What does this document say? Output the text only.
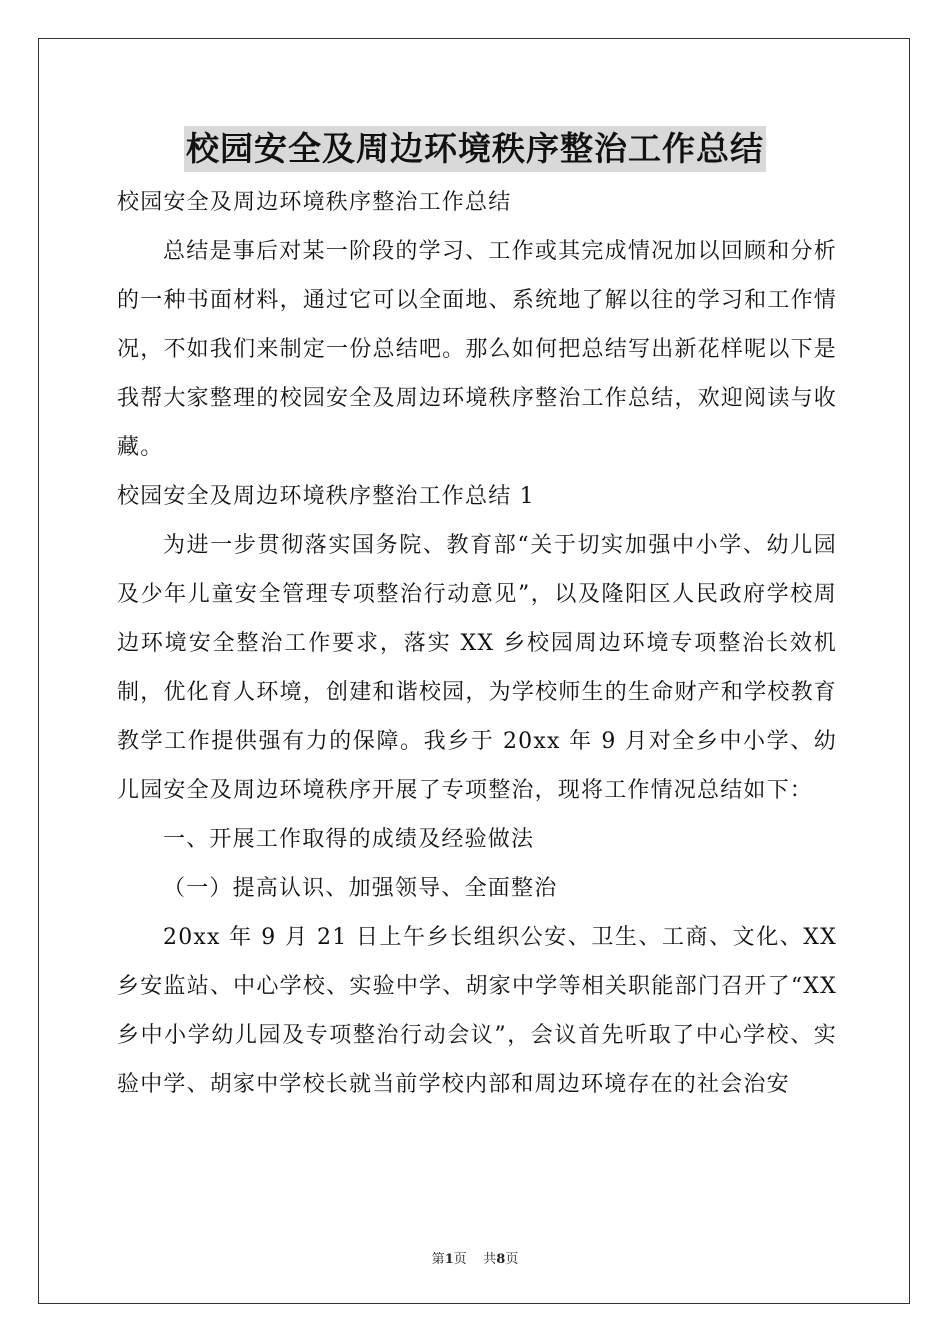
校园安全及周边环境秩序整治工作总结

校园安全及周边环境秩序整治工作总结

总结是事后对某一阶段的学习、工作或其完成情况加以回顾和分析的一种书面材料，通过它可以全面地、系统地了解以往的学习和工作情况，不如我们来制定一份总结吧。那么如何把总结写出新花样呢以下是我帮大家整理的校园安全及周边环境秩序整治工作总结，欢迎阅读与收藏。

校园安全及周边环境秩序整治工作总结 1

为进一步贯彻落实国务院、教育部“关于切实加强中小学、幼儿园及少年儿童安全管理专项整治行动意见”，以及隆阳区人民政府学校周边环境安全整治工作要求，落实 XX 乡校园周边环境专项整治长效机制，优化育人环境，创建和谐校园，为学校师生的生命财产和学校教育教学工作提供强有力的保障。我乡于 20xx 年 9 月对全乡中小学、幼儿园安全及周边环境秩序开展了专项整治，现将工作情况总结如下：

一、开展工作取得的成绩及经验做法

（一）提高认识、加强领导、全面整治

20xx 年 9 月 21 日上午乡长组织公安、卫生、工商、文化、XX 乡安监站、中心学校、实验中学、胡家中学等相关职能部门召开了“XX 乡中小学幼儿园及专项整治行动会议”，会议首先听取了中心学校、实验中学、胡家中学校长就当前学校内部和周边环境存在的社会治安

第1页    共8页
